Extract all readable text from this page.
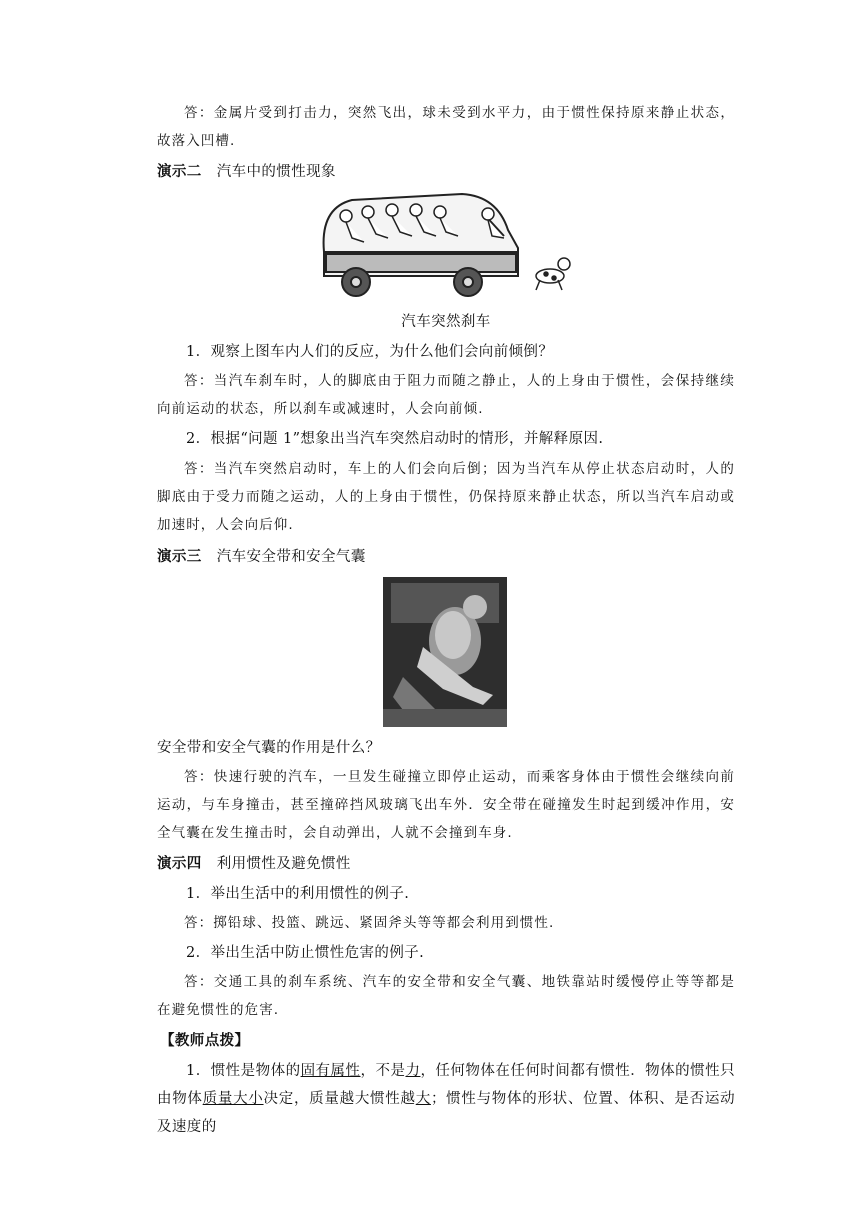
答：金属片受到打击力，突然飞出，球未受到水平力，由于惯性保持原来静止状态，故落入凹槽.

演示二 汽车中的惯性现象

汽车突然刹车

1．观察上图车内人们的反应，为什么他们会向前倾倒？

答：当汽车刹车时，人的脚底由于阻力而随之静止，人的上身由于惯性，会保持继续向前运动的状态，所以刹车或减速时，人会向前倾.

2．根据“问题 1”想象出当汽车突然启动时的情形，并解释原因.

答：当汽车突然启动时，车上的人们会向后倒；因为当汽车从停止状态启动时，人的脚底由于受力而随之运动，人的上身由于惯性，仍保持原来静止状态，所以当汽车启动或加速时，人会向后仰.

演示三 汽车安全带和安全气囊

安全带和安全气囊的作用是什么？

答：快速行驶的汽车，一旦发生碰撞立即停止运动，而乘客身体由于惯性会继续向前运动，与车身撞击，甚至撞碎挡风玻璃飞出车外．安全带在碰撞发生时起到缓冲作用，安全气囊在发生撞击时，会自动弹出，人就不会撞到车身.

演示四 利用惯性及避免惯性

1．举出生活中的利用惯性的例子.

答：掷铅球、投篮、跳远、紧固斧头等等都会利用到惯性.

2．举出生活中防止惯性危害的例子.

答：交通工具的刹车系统、汽车的安全带和安全气囊、地铁靠站时缓慢停止等等都是在避免惯性的危害.

【教师点拨】

1．惯性是物体的固有属性，不是力，任何物体在任何时间都有惯性．物体的惯性只由物体质量大小决定，质量越大惯性越大；惯性与物体的形状、位置、体积、是否运动及速度的
